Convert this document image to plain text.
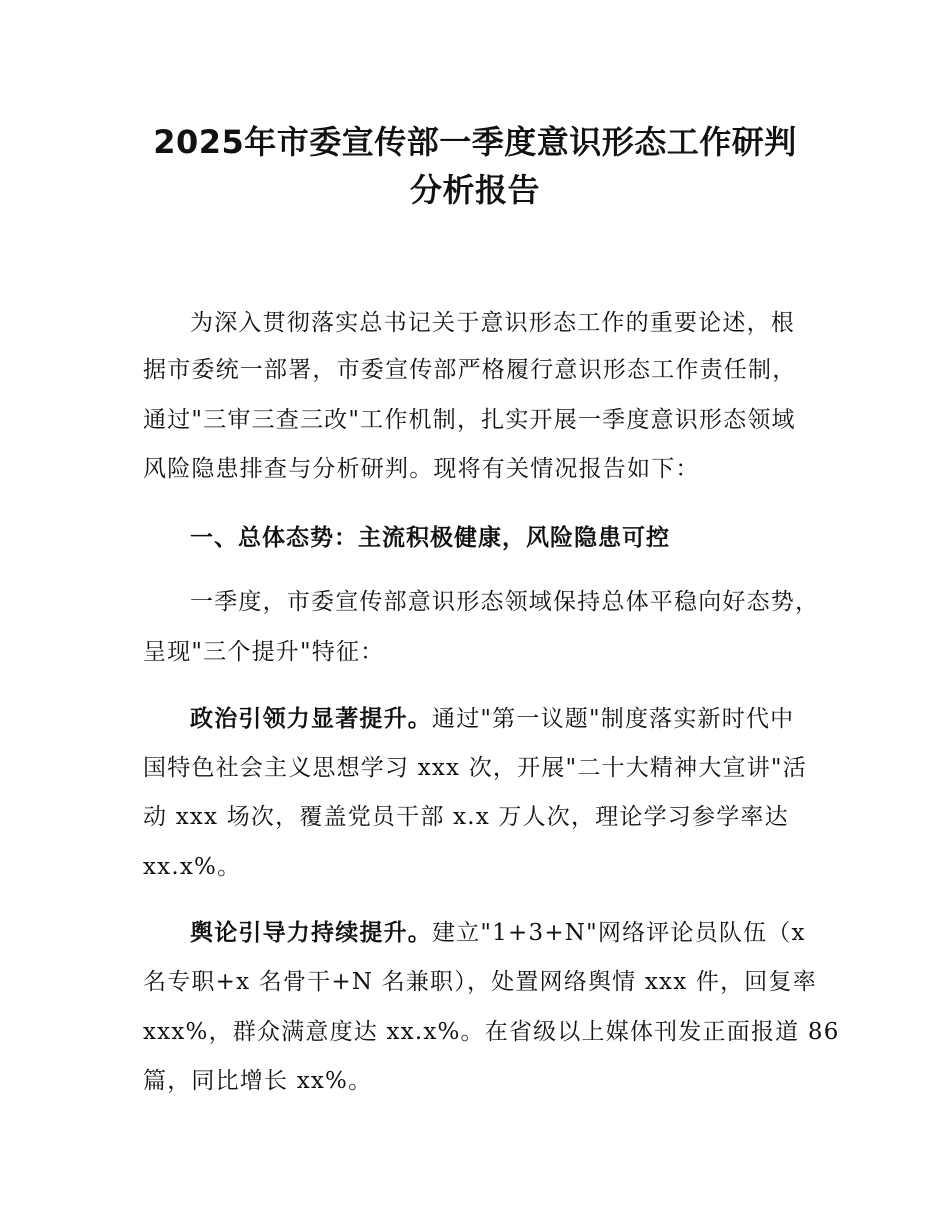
2025年市委宣传部一季度意识形态工作研判
分析报告
为深入贯彻落实总书记关于意识形态工作的重要论述，根
据市委统一部署，市委宣传部严格履行意识形态工作责任制，
通过"三审三查三改"工作机制，扎实开展一季度意识形态领域
风险隐患排查与分析研判。现将有关情况报告如下：
一、总体态势：主流积极健康，风险隐患可控
一季度，市委宣传部意识形态领域保持总体平稳向好态势，
呈现"三个提升"特征：
政治引领力显著提升。通过"第一议题"制度落实新时代中
国特色社会主义思想学习 xxx 次，开展"二十大精神大宣讲"活
动 xxx 场次，覆盖党员干部 x.x 万人次，理论学习参学率达
xx.x%。
舆论引导力持续提升。建立"1+3+N"网络评论员队伍（x
名专职+x 名骨干+N 名兼职），处置网络舆情 xxx 件，回复率
xxx%，群众满意度达 xx.x%。在省级以上媒体刊发正面报道 86
篇，同比增长 xx%。
